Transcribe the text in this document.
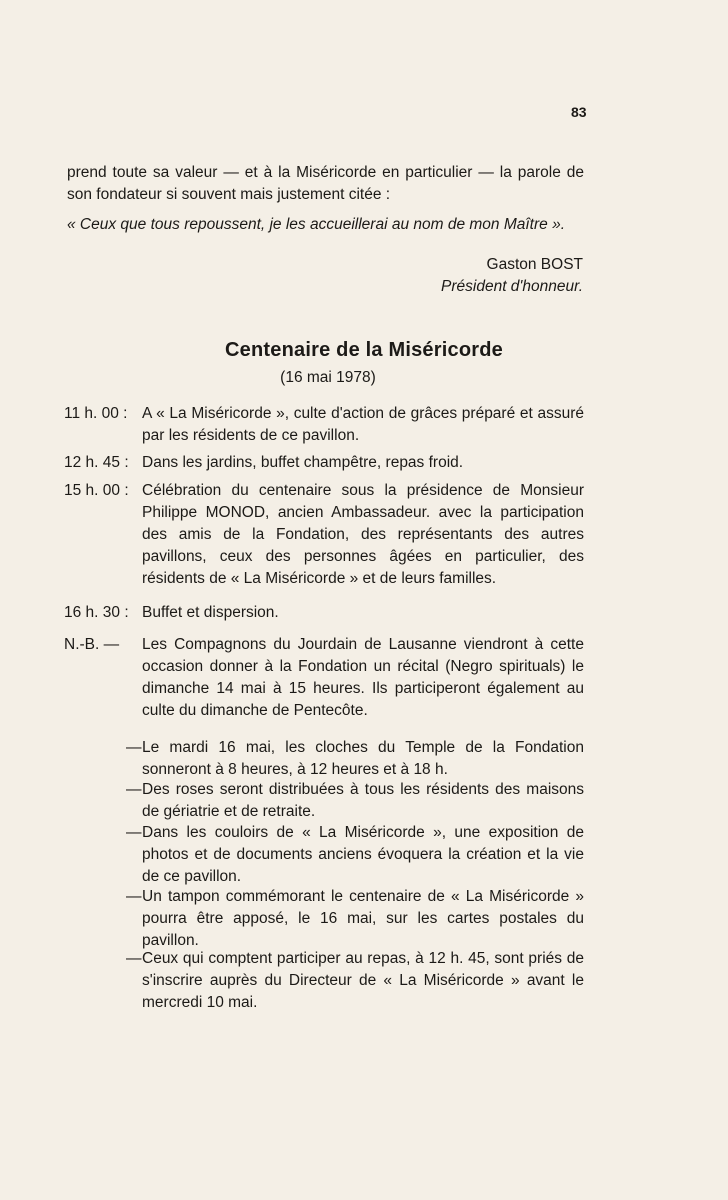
83
prend toute sa valeur — et à la Miséricorde en particulier — la parole de son fondateur si souvent mais justement citée :
« Ceux que tous repoussent, je les accueillerai au nom de mon Maître ».
Gaston BOST
Président d'honneur.
Centenaire de la Miséricorde
(16 mai 1978)
11 h. 00 : A « La Miséricorde », culte d'action de grâces préparé et assuré par les résidents de ce pavillon.
12 h. 45 : Dans les jardins, buffet champêtre, repas froid.
15 h. 00 : Célébration du centenaire sous la présidence de Monsieur Philippe MONOD, ancien Ambassadeur. avec la participation des amis de la Fondation, des représentants des autres pavillons, ceux des personnes âgées en particulier, des résidents de « La Miséricorde » et de leurs familles.
16 h. 30 : Buffet et dispersion.
N.-B. — Les Compagnons du Jourdain de Lausanne viendront à cette occasion donner à la Fondation un récital (Negro spirituals) le dimanche 14 mai à 15 heures. Ils participeront également au culte du dimanche de Pentecôte.
— Le mardi 16 mai, les cloches du Temple de la Fondation sonneront à 8 heures, à 12 heures et à 18 h.
— Des roses seront distribuées à tous les résidents des maisons de gériatrie et de retraite.
— Dans les couloirs de « La Miséricorde », une exposition de photos et de documents anciens évoquera la création et la vie de ce pavillon.
— Un tampon commémorant le centenaire de « La Miséricorde » pourra être apposé, le 16 mai, sur les cartes postales du pavillon.
— Ceux qui comptent participer au repas, à 12 h. 45, sont priés de s'inscrire auprès du Directeur de « La Miséricorde » avant le mercredi 10 mai.
